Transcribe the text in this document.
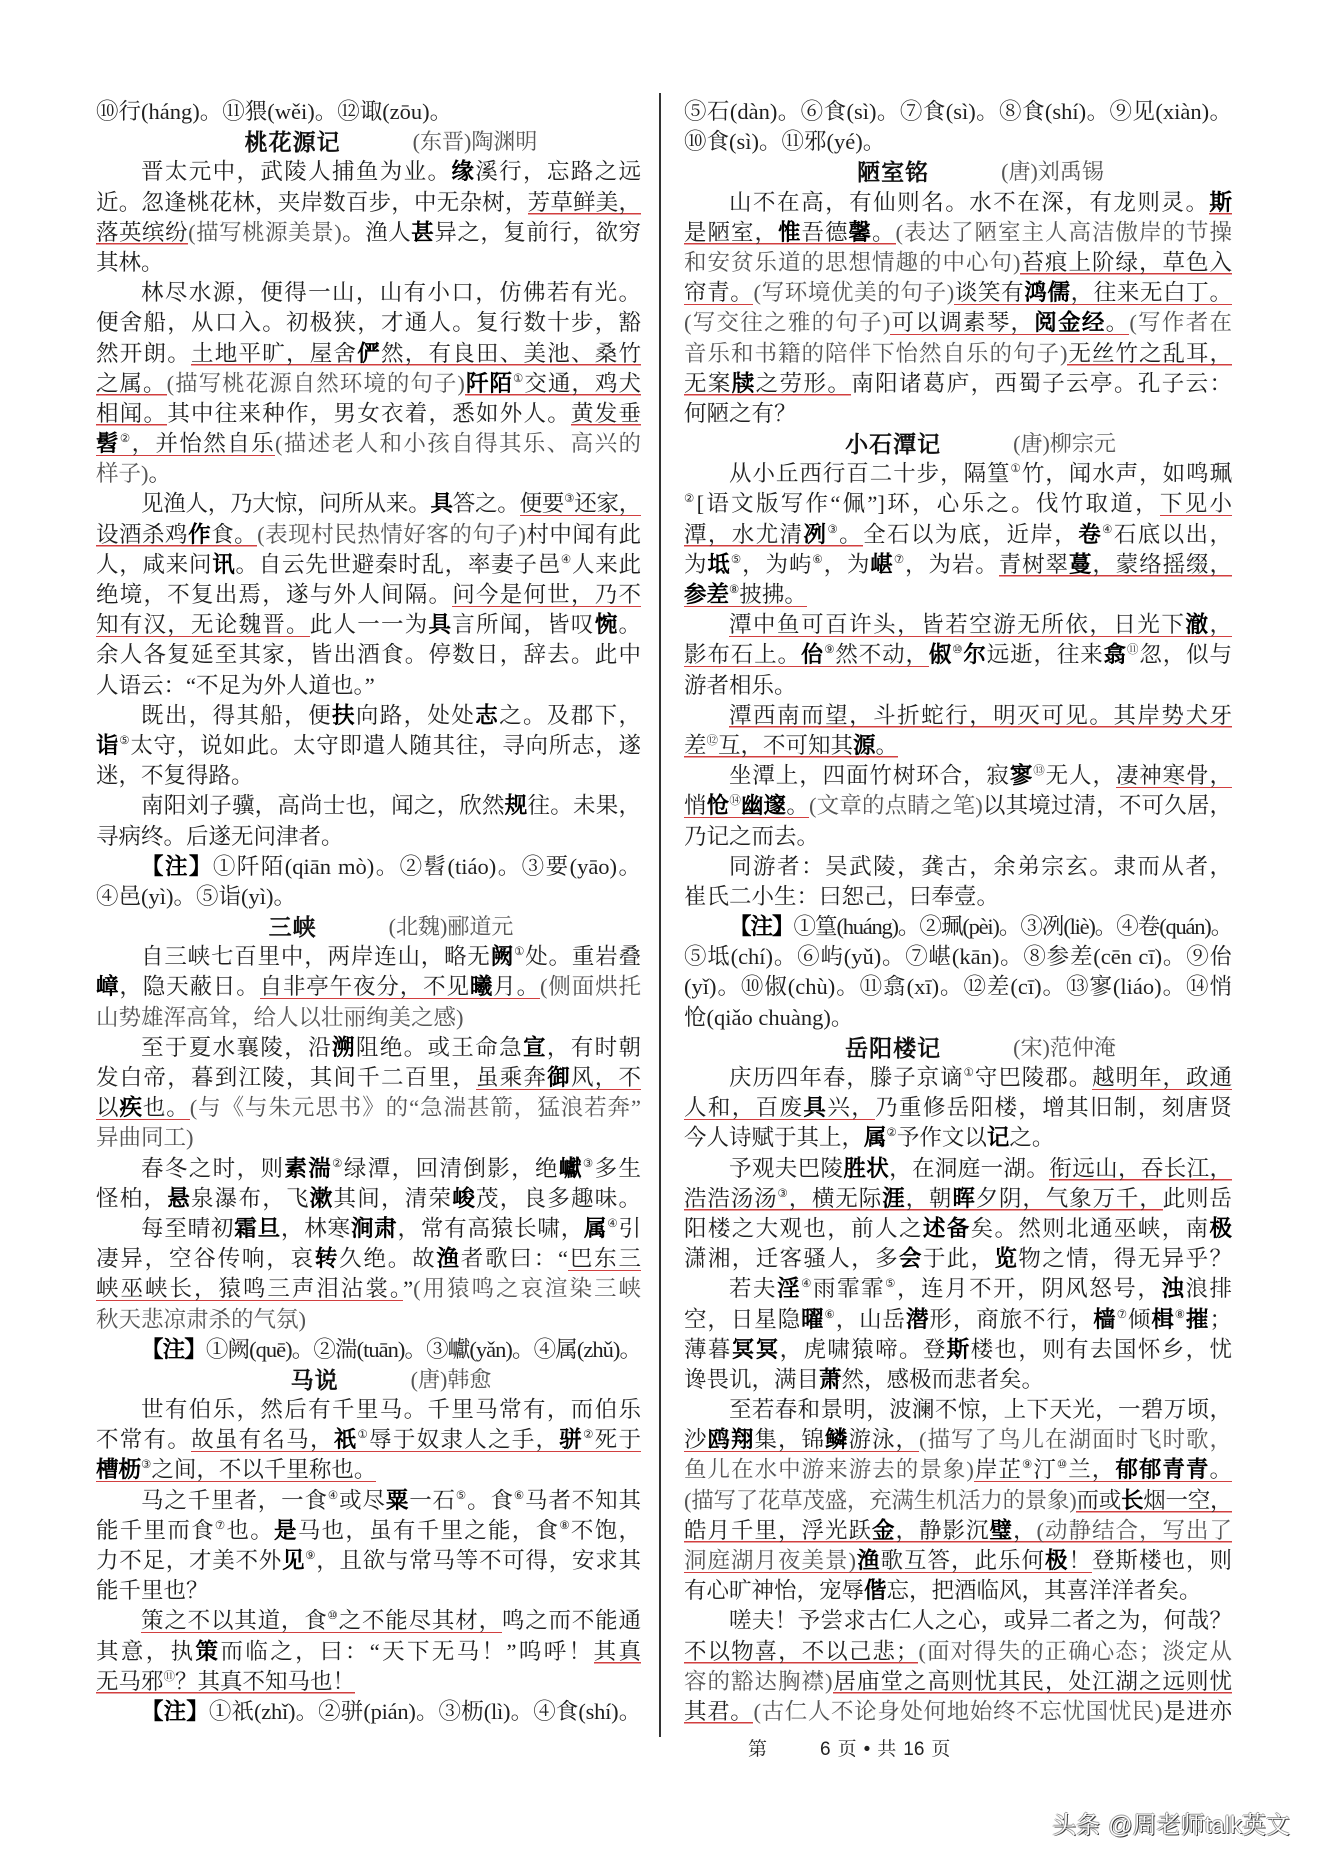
⑩行(háng)。⑪猥(wěi)。⑫诹(zōu)。
桃花源记	(东晋)陶渊明
晋太元中，武陵人捕鱼为业。缘溪行，忘路之远
近。忽逢桃花林，夹岸数百步，中无杂树，芳草鲜美，
落英缤纷(描写桃源美景)。渔人甚异之，复前行，欲穷
其林。
林尽水源，便得一山，山有小口，仿佛若有光。
便舍船，从口入。初极狭，才通人。复行数十步，豁
然开朗。土地平旷，屋舍俨然，有良田、美池、桑竹
之属。(描写桃花源自然环境的句子)阡陌①交通，鸡犬
相闻。其中往来种作，男女衣着，悉如外人。黄发垂
髫②，并怡然自乐(描述老人和小孩自得其乐、高兴的
样子)。
见渔人，乃大惊，问所从来。具答之。便要③还家，
设酒杀鸡作食。(表现村民热情好客的句子)村中闻有此
人，咸来问讯。自云先世避秦时乱，率妻子邑④人来此
绝境，不复出焉，遂与外人间隔。问今是何世，乃不
知有汉，无论魏晋。此人一一为具言所闻，皆叹惋。
余人各复延至其家，皆出酒食。停数日，辞去。此中
人语云：“不足为外人道也。”
既出，得其船，便扶向路，处处志之。及郡下，
诣⑤太守，说如此。太守即遣人随其往，寻向所志，遂
迷，不复得路。
南阳刘子骥，高尚士也，闻之，欣然规往。未果，
寻病终。后遂无问津者。
【注】①阡陌(qiān mò)。②髫(tiáo)。③要(yāo)。
④邑(yì)。⑤诣(yì)。
三峡	(北魏)郦道元
自三峡七百里中，两岸连山，略无阙①处。重岩叠
嶂，隐天蔽日。自非亭午夜分，不见曦月。(侧面烘托
山势雄浑高耸，给人以壮丽绚美之感)
至于夏水襄陵，沿溯阻绝。或王命急宣，有时朝
发白帝，暮到江陵，其间千二百里，虽乘奔御风，不
以疾也。(与《与朱元思书》的“急湍甚箭，猛浪若奔”
异曲同工)
春冬之时，则素湍②绿潭，回清倒影，绝巘③多生
怪柏，悬泉瀑布，飞漱其间，清荣峻茂，良多趣味。
每至晴初霜旦，林寒涧肃，常有高猿长啸，属④引
凄异，空谷传响，哀转久绝。故渔者歌曰：“巴东三
峡巫峡长，猿鸣三声泪沾裳。”(用猿鸣之哀渲染三峡
秋天悲凉肃杀的气氛)
【注】①阙(quē)。②湍(tuān)。③巘(yǎn)。④属(zhǔ)。
马说	(唐)韩愈
世有伯乐，然后有千里马。千里马常有，而伯乐
不常有。故虽有名马，祇①辱于奴隶人之手，骈②死于
槽枥③之间，不以千里称也。
马之千里者，一食④或尽粟一石⑤。食⑥马者不知其
能千里而食⑦也。是马也，虽有千里之能，食⑧不饱，
力不足，才美不外见⑨，且欲与常马等不可得，安求其
能千里也？
策之不以其道，食⑩之不能尽其材，鸣之而不能通
其意，执策而临之，曰：“天下无马！”呜呼！其真
无马邪⑪？其真不知马也！
【注】①祇(zhǐ)。②骈(pián)。③枥(lì)。④食(shí)。
⑤石(dàn)。⑥食(sì)。⑦食(sì)。⑧食(shí)。⑨见(xiàn)。
⑩食(sì)。⑪邪(yé)。
陋室铭	(唐)刘禹锡
山不在高，有仙则名。水不在深，有龙则灵。斯
是陋室，惟吾德馨。(表达了陋室主人高洁傲岸的节操
和安贫乐道的思想情趣的中心句)苔痕上阶绿，草色入
帘青。(写环境优美的句子)谈笑有鸿儒，往来无白丁。
(写交往之雅的句子)可以调素琴，阅金经。(写作者在
音乐和书籍的陪伴下怡然自乐的句子)无丝竹之乱耳，
无案牍之劳形。南阳诸葛庐，西蜀子云亭。孔子云：
何陋之有？
小石潭记	(唐)柳宗元
从小丘西行百二十步，隔篁①竹，闻水声，如鸣珮
②[语文版写作“佩”]环，心乐之。伐竹取道，下见小
潭，水尤清冽③。全石以为底，近岸，卷④石底以出，
为坻⑤，为屿⑥，为嵁⑦，为岩。青树翠蔓，蒙络摇缀，
参差⑧披拂。
潭中鱼可百许头，皆若空游无所依，日光下澈，
影布石上。佁⑨然不动，俶⑩尔远逝，往来翕⑪忽，似与
游者相乐。
潭西南而望，斗折蛇行，明灭可见。其岸势犬牙
差⑫互，不可知其源。
坐潭上，四面竹树环合，寂寥⑬无人，凄神寒骨，
悄怆⑭幽邃。(文章的点睛之笔)以其境过清，不可久居，
乃记之而去。
同游者：吴武陵，龚古，余弟宗玄。隶而从者，
崔氏二小生：曰恕己，曰奉壹。
【注】①篁(huáng)。②珮(pèi)。③冽(liè)。④卷(quán)。
⑤坻(chí)。⑥屿(yǔ)。⑦嵁(kān)。⑧参差(cēn cī)。⑨佁
(yǐ)。⑩俶(chù)。⑪翕(xī)。⑫差(cī)。⑬寥(liáo)。⑭悄
怆(qiǎo chuàng)。
岳阳楼记	(宋)范仲淹
庆历四年春，滕子京谪①守巴陵郡。越明年，政通
人和，百废具兴，乃重修岳阳楼，增其旧制，刻唐贤
今人诗赋于其上，属②予作文以记之。
予观夫巴陵胜状，在洞庭一湖。衔远山，吞长江，
浩浩汤汤③，横无际涯，朝晖夕阴，气象万千，此则岳
阳楼之大观也，前人之述备矣。然则北通巫峡，南极
潇湘，迁客骚人，多会于此，览物之情，得无异乎？
若夫淫④雨霏霏⑤，连月不开，阴风怒号，浊浪排
空，日星隐曜⑥，山岳潜形，商旅不行，樯⑦倾楫⑧摧；
薄暮冥冥，虎啸猿啼。登斯楼也，则有去国怀乡，忧
谗畏讥，满目萧然，感极而悲者矣。
至若春和景明，波澜不惊，上下天光，一碧万顷，
沙鸥翔集，锦鳞游泳，(描写了鸟儿在湖面时飞时歌，
鱼儿在水中游来游去的景象)岸芷⑨汀⑩兰，郁郁青青。
(描写了花草茂盛，充满生机活力的景象)而或长烟一空，
皓月千里，浮光跃金，静影沉璧，(动静结合，写出了
洞庭湖月夜美景)渔歌互答，此乐何极！登斯楼也，则
有心旷神怡，宠辱偕忘，把酒临风，其喜洋洋者矣。
嗟夫！予尝求古仁人之心，或异二者之为，何哉？
不以物喜，不以己悲；(面对得失的正确心态；淡定从
容的豁达胸襟)居庙堂之高则忧其民，处江湖之远则忧
其君。(古仁人不论身处何地始终不忘忧国忧民)是进亦
第	6 页 • 共 16 页
头条 @周老师talk英文
